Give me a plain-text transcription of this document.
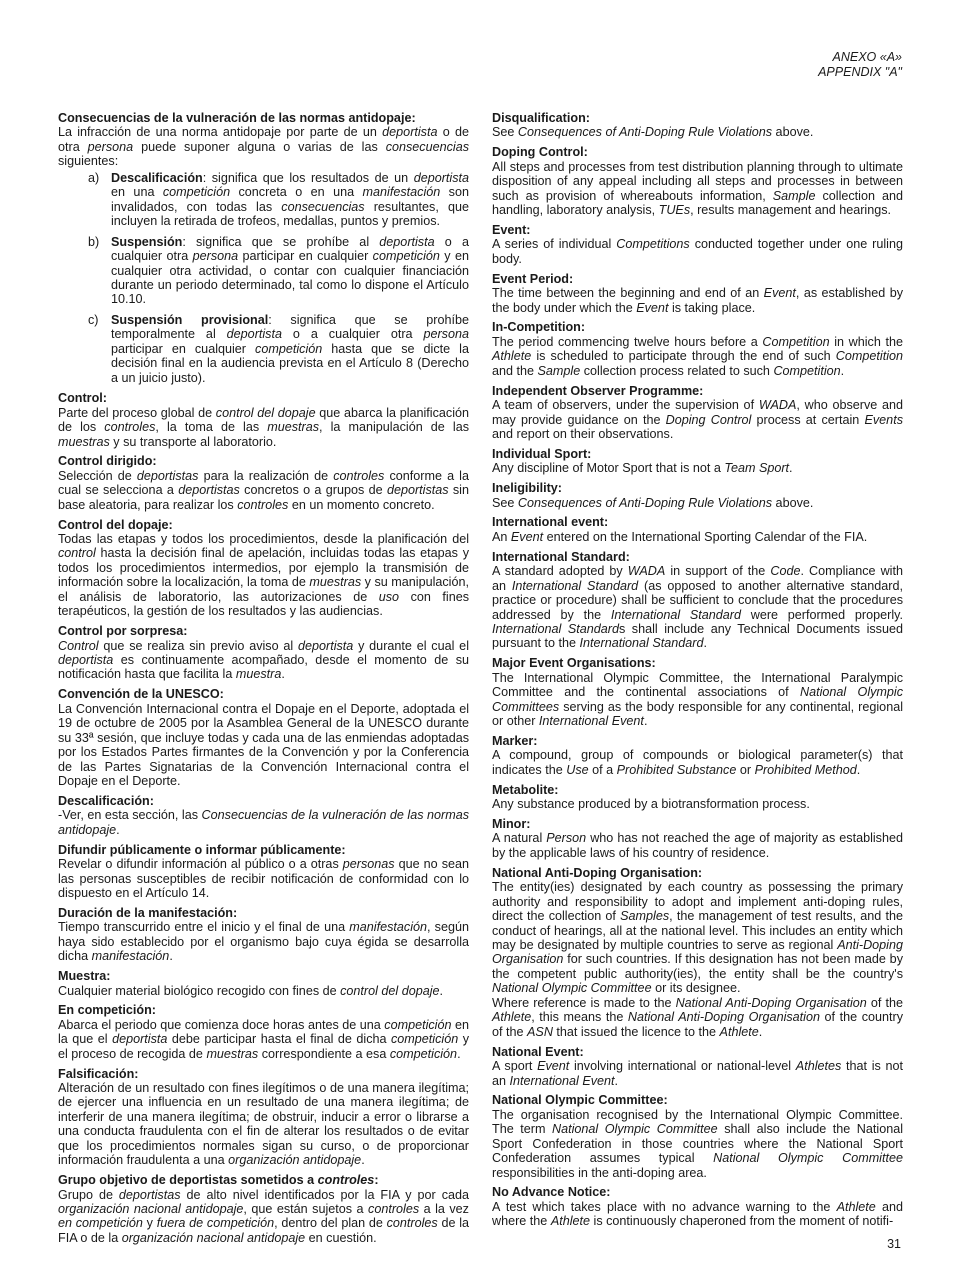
ANEXO «A»
APPENDIX "A"
Consecuencias de la vulneración de las normas antidopaje:

La infracción de una norma antidopaje por parte de un deportista o de otra persona puede suponer alguna o varias de las consecuencias siguientes:

a) Descalificación: significa que los resultados de un deportista en una competición concreta o en una manifestación son invalidados, con todas las consecuencias resultantes, que incluyen la retirada de trofeos, medallas, puntos y premios.
b) Suspensión: significa que se prohíbe al deportista o a cualquier otra persona participar en cualquier competición y en cualquier otra actividad, o contar con cualquier financiación durante un periodo determinado, tal como lo dispone el Artículo 10.10.
c) Suspensión provisional: significa que se prohíbe temporalmente al deportista o a cualquier otra persona participar en cualquier competición hasta que se dicte la decisión final en la audiencia prevista en el Artículo 8 (Derecho a un juicio justo).
Control:

Parte del proceso global de control del dopaje que abarca la planificación de los controles, la toma de las muestras, la manipulación de las muestras y su transporte al laboratorio.

Control dirigido:

Selección de deportistas para la realización de controles conforme a la cual se selecciona a deportistas concretos o a grupos de deportistas sin base aleatoria, para realizar los controles en un momento concreto.

Control del dopaje:

Todas las etapas y todos los procedimientos, desde la planificación del control hasta la decisión final de apelación, incluidas todas las etapas y todos los procedimientos intermedios, por ejemplo la transmisión de información sobre la localización, la toma de muestras y su manipulación, el análisis de laboratorio, las autorizaciones de uso con fines terapéuticos, la gestión de los resultados y las audiencias.

Control por sorpresa:

Control que se realiza sin previo aviso al deportista y durante el cual el deportista es continuamente acompañado, desde el momento de su notificación hasta que facilita la muestra.

Convención de la UNESCO:

La Convención Internacional contra el Dopaje en el Deporte, adoptada el 19 de octubre de 2005 por la Asamblea General de la UNESCO durante su 33ª sesión, que incluye todas y cada una de las enmiendas adoptadas por los Estados Partes firmantes de la Convención y por la Conferencia de las Partes Signatarias de la Convención Internacional contra el Dopaje en el Deporte.

Descalificación:

-Ver, en esta sección, las Consecuencias de la vulneración de las normas antidopaje.

Difundir públicamente o informar públicamente:

Revelar o difundir información al público o a otras personas que no sean las personas susceptibles de recibir notificación de conformidad con lo dispuesto en el Artículo 14.

Duración de la manifestación:

Tiempo transcurrido entre el inicio y el final de una manifestación, según haya sido establecido por el organismo bajo cuya égida se desarrolla dicha manifestación.

Muestra:

Cualquier material biológico recogido con fines de control del dopaje.

En competición:

Abarca el periodo que comienza doce horas antes de una competición en la que el deportista debe participar hasta el final de dicha competición y el proceso de recogida de muestras correspondiente a esa competición.

Falsificación:

Alteración de un resultado con fines ilegítimos o de una manera ilegítima; de ejercer una influencia en un resultado de una manera ilegítima; de interferir de una manera ilegítima; de obstruir, inducir a error o librarse a una conducta fraudulenta con el fin de alterar los resultados o de evitar que los procedimientos normales sigan su curso, o de proporcionar información fraudulenta a una organización antidopaje.

Grupo objetivo de deportistas sometidos a controles:

Grupo de deportistas de alto nivel identificados por la FIA y por cada organización nacional antidopaje, que están sujetos a controles a la vez en competición y fuera de competición, dentro del plan de controles de la FIA o de la organización nacional antidopaje en cuestión.

Disqualification:

See Consequences of Anti-Doping Rule Violations above.

Doping Control:

All steps and processes from test distribution planning through to ultimate disposition of any appeal including all steps and processes in between such as provision of whereabouts information, Sample collection and handling, laboratory analysis, TUEs, results management and hearings.

Event:

A series of individual Competitions conducted together under one ruling body.

Event Period:

The time between the beginning and end of an Event, as established by the body under which the Event is taking place.

In-Competition:

The period commencing twelve hours before a Competition in which the Athlete is scheduled to participate through the end of such Competition and the Sample collection process related to such Competition.

Independent Observer Programme:

A team of observers, under the supervision of WADA, who observe and may provide guidance on the Doping Control process at certain Events and report on their observations.

Individual Sport:

Any discipline of Motor Sport that is not a Team Sport.

Ineligibility:

See Consequences of Anti-Doping Rule Violations above.

International event:

An Event entered on the International Sporting Calendar of the FIA.

International Standard:

A standard adopted by WADA in support of the Code. Compliance with an International Standard (as opposed to another alternative standard, practice or procedure) shall be sufficient to conclude that the procedures addressed by the International Standard were performed properly. International Standards shall include any Technical Documents issued pursuant to the International Standard.

Major Event Organisations:

The International Olympic Committee, the International Paralympic Committee and the continental associations of National Olympic Committees serving as the body responsible for any continental, regional or other International Event.

Marker:

A compound, group of compounds or biological parameter(s) that indicates the Use of a Prohibited Substance or Prohibited Method.

Metabolite:

Any substance produced by a biotransformation process.

Minor:

A natural Person who has not reached the age of majority as established by the applicable laws of his country of residence.

National Anti-Doping Organisation:

The entity(ies) designated by each country as possessing the primary authority and responsibility to adopt and implement anti-doping rules, direct the collection of Samples, the management of test results, and the conduct of hearings, all at the national level. This includes an entity which may be designated by multiple countries to serve as regional Anti-Doping Organisation for such countries. If this designation has not been made by the competent public authority(ies), the entity shall be the country's National Olympic Committee or its designee.

Where reference is made to the National Anti-Doping Organisation of the Athlete, this means the National Anti-Doping Organisation of the country of the ASN that issued the licence to the Athlete.

National Event:

A sport Event involving international or national-level Athletes that is not an International Event.

National Olympic Committee:

The organisation recognised by the International Olympic Committee. The term National Olympic Committee shall also include the National Sport Confederation in those countries where the National Sport Confederation assumes typical National Olympic Committee responsibilities in the anti-doping area.

No Advance Notice:

A test which takes place with no advance warning to the Athlete and where the Athlete is continuously chaperoned from the moment of notifi-

31
